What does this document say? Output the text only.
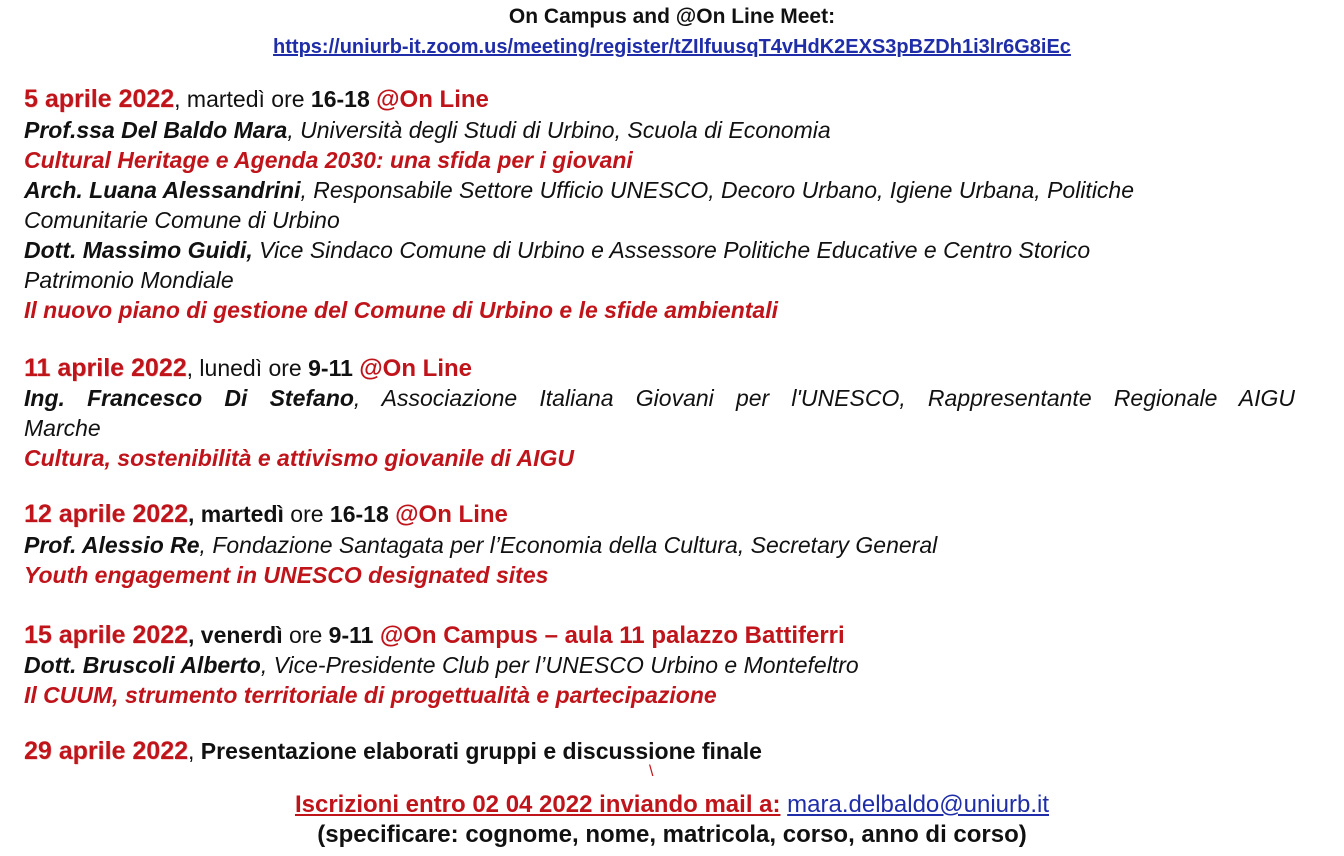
On Campus and @On Line Meet:
https://uniurb-it.zoom.us/meeting/register/tZIlfuusqT4vHdK2EXS3pBZDh1i3lr6G8iEc
5 aprile 2022, martedì ore 16-18 @On Line
Prof.ssa Del Baldo Mara, Università degli Studi di Urbino, Scuola di Economia
Cultural Heritage e Agenda 2030: una sfida per i giovani
Arch. Luana Alessandrini, Responsabile Settore Ufficio UNESCO, Decoro Urbano, Igiene Urbana, Politiche
Comunitarie Comune di Urbino
Dott. Massimo Guidi, Vice Sindaco Comune di Urbino e Assessore Politiche Educative e Centro Storico
Patrimonio Mondiale
Il nuovo piano di gestione del Comune di Urbino e le sfide ambientali
11 aprile 2022, lunedì ore 9-11 @On Line
Ing. Francesco Di Stefano, Associazione Italiana Giovani per l'UNESCO, Rappresentante Regionale AIGU
Marche
Cultura, sostenibilità e attivismo giovanile di AIGU
12 aprile 2022, martedì ore 16-18 @On Line
Prof. Alessio Re, Fondazione Santagata per l’Economia della Cultura, Secretary General
Youth engagement in UNESCO designated sites
15 aprile 2022, venerdì ore 9-11 @On Campus – aula 11 palazzo Battiferri
Dott. Bruscoli Alberto, Vice-Presidente Club per l’UNESCO Urbino e Montefeltro
Il CUUM, strumento territoriale di progettualità e partecipazione
29 aprile 2022, Presentazione elaborati gruppi e discussione finale
\
Iscrizioni entro 02 04 2022 inviando mail a: mara.delbaldo@uniurb.it
(specificare: cognome, nome, matricola, corso, anno di corso)
